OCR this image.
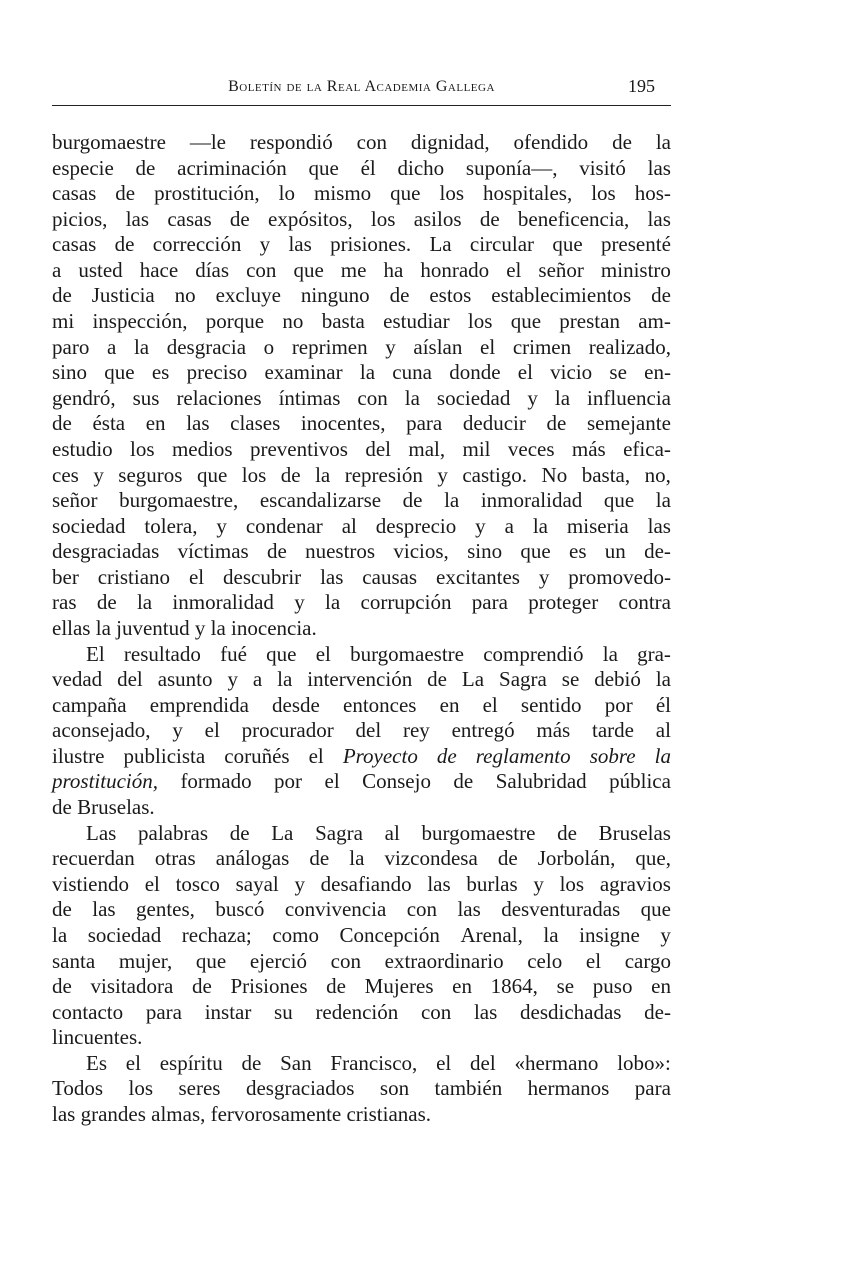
Boletín de la Real Academia Gallega	195
burgomaestre —le respondió con dignidad, ofendido de la
especie de acriminación que él dicho suponía—, visitó las
casas de prostitución, lo mismo que los hospitales, los hos-
picios, las casas de expósitos, los asilos de beneficencia, las
casas de corrección y las prisiones. La circular que presenté
a usted hace días con que me ha honrado el señor ministro
de Justicia no excluye ninguno de estos establecimientos de
mi inspección, porque no basta estudiar los que prestan am-
paro a la desgracia o reprimen y aíslan el crimen realizado,
sino que es preciso examinar la cuna donde el vicio se en-
gendró, sus relaciones íntimas con la sociedad y la influencia
de ésta en las clases inocentes, para deducir de semejante
estudio los medios preventivos del mal, mil veces más efica-
ces y seguros que los de la represión y castigo. No basta, no,
señor burgomaestre, escandalizarse de la inmoralidad que la
sociedad tolera, y condenar al desprecio y a la miseria las
desgraciadas víctimas de nuestros vicios, sino que es un de-
ber cristiano el descubrir las causas excitantes y promovedo-
ras de la inmoralidad y la corrupción para proteger contra
ellas la juventud y la inocencia.
El resultado fué que el burgomaestre comprendió la gra-
vedad del asunto y a la intervención de La Sagra se debió la
campaña emprendida desde entonces en el sentido por él
aconsejado, y el procurador del rey entregó más tarde al
ilustre publicista coruñés el Proyecto de reglamento sobre la
prostitución, formado por el Consejo de Salubridad pública
de Bruselas.
Las palabras de La Sagra al burgomaestre de Bruselas
recuerdan otras análogas de la vizcondesa de Jorbolán, que,
vistiendo el tosco sayal y desafiando las burlas y los agravios
de las gentes, buscó convivencia con las desventuradas que
la sociedad rechaza; como Concepción Arenal, la insigne y
santa mujer, que ejerció con extraordinario celo el cargo
de visitadora de Prisiones de Mujeres en 1864, se puso en
contacto para instar su redención con las desdichadas de-
lincuentes.
Es el espíritu de San Francisco, el del «hermano lobo»:
Todos los seres desgraciados son también hermanos para
las grandes almas, fervorosamente cristianas.
